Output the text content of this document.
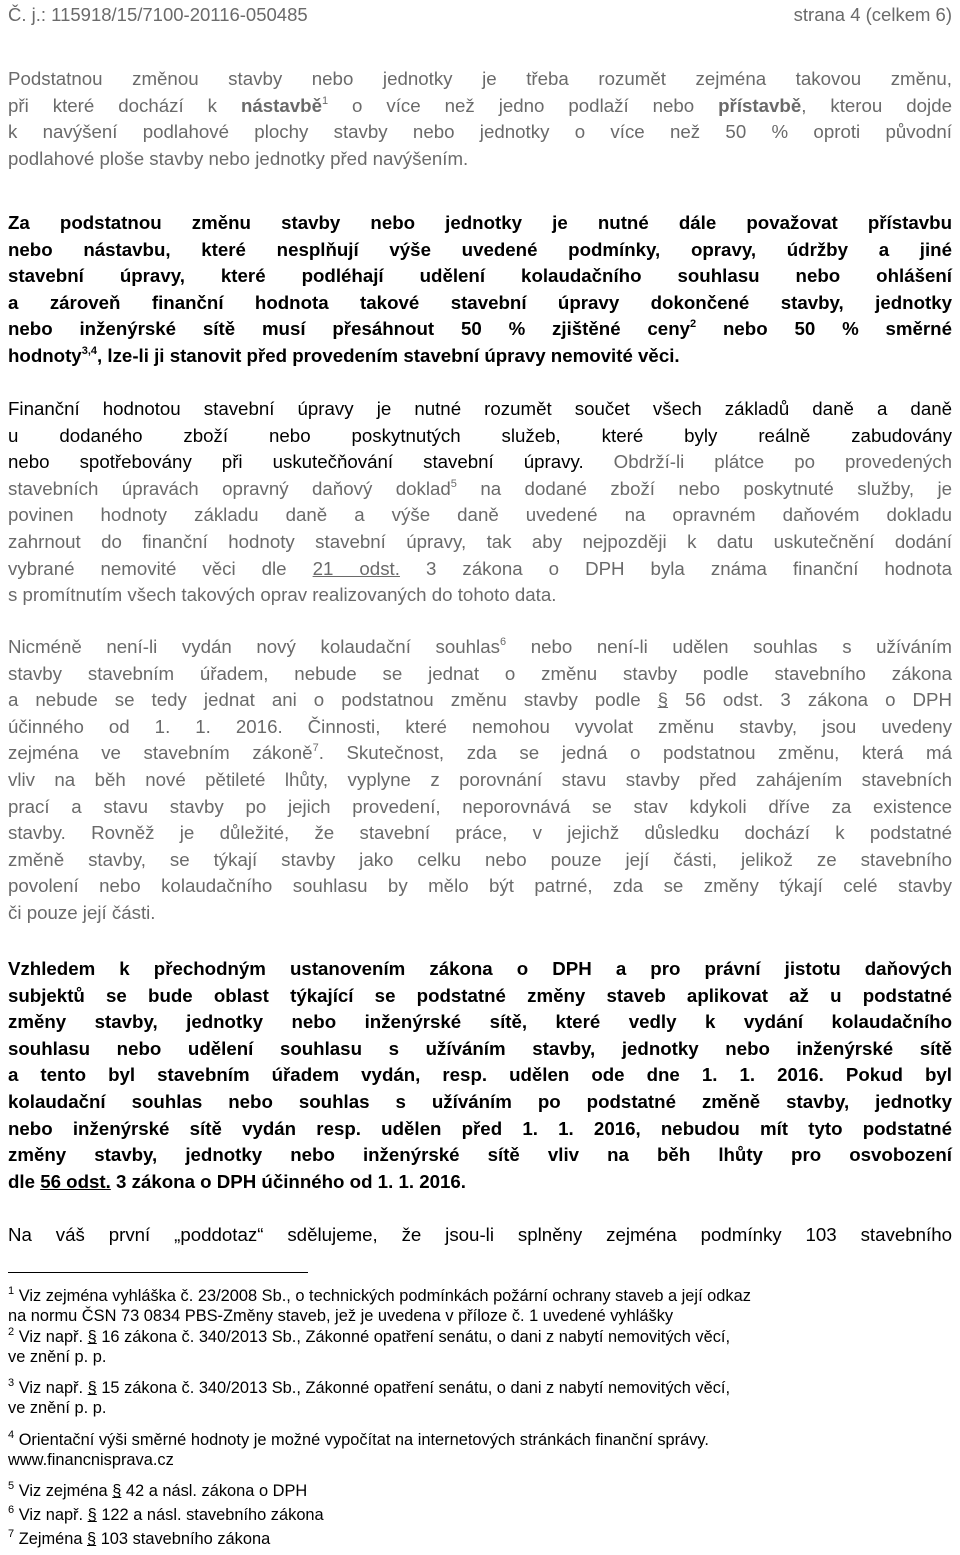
Č. j.: 115918/15/7100-20116-050485	strana 4 (celkem 6)
Podstatnou změnou stavby nebo jednotky je třeba rozumět zejména takovou změnu,
při které dochází k nástavbě$^1$ o více než jedno podlaží nebo přístavbě, kterou dojde
k navýšení podlahové plochy stavby nebo jednotky o více než 50 % oproti původní
podlahové ploše stavby nebo jednotky před navýšením.
Za podstatnou změnu stavby nebo jednotky je nutné dále považovat přístavbu
nebo nástavbu, které nesplňují výše uvedené podmínky, opravy, údržby a jiné
stavební úpravy, které podléhají udělení kolaudačního souhlasu nebo ohlášení
a zároveň finanční hodnota takové stavební úpravy dokončené stavby, jednotky
nebo inženýrské sítě musí přesáhnout 50 % zjištěné ceny$^2$ nebo 50 % směrné
hodnoty$^{3,4}$, lze-li ji stanovit před provedením stavební úpravy nemovité věci.
Finanční hodnotou stavební úpravy je nutné rozumět součet všech základů daně a daně
u dodaného zboží nebo poskytnutých služeb, které byly reálně zabudovány
nebo spotřebovány při uskutečňování stavební úpravy. Obdrží-li plátce po provedených
stavebních úpravách opravný daňový doklad$^5$ na dodané zboží nebo poskytnuté služby, je
povinen hodnoty základu daně a výše daně uvedené na opravném daňovém dokladu
zahrnout do finanční hodnoty stavební úpravy, tak aby nejpozději k datu uskutečnění dodání
vybrané nemovité věci dle 21 odst. 3 zákona o DPH byla známa finanční hodnota
s promítnutím všech takových oprav realizovaných do tohoto data.
Nicméně není-li vydán nový kolaudační souhlas$^6$ nebo není-li udělen souhlas s užíváním
stavby stavebním úřadem, nebude se jednat o změnu stavby podle stavebního zákona
a nebude se tedy jednat ani o podstatnou změnu stavby podle § 56 odst. 3 zákona o DPH
účinného od 1. 1. 2016. Činnosti, které nemohou vyvolat změnu stavby, jsou uvedeny
zejména ve stavebním zákoně$^7$. Skutečnost, zda se jedná o podstatnou změnu, která má
vliv na běh nové pětileté lhůty, vyplyne z porovnání stavu stavby před zahájením stavebních
prací a stavu stavby po jejich provedení, neporovnává se stav kdykoli dříve za existence
stavby. Rovněž je důležité, že stavební práce, v jejichž důsledku dochází k podstatné
změně stavby, se týkají stavby jako celku nebo pouze její části, jelikož ze stavebního
povolení nebo kolaudačního souhlasu by mělo být patrné, zda se změny týkají celé stavby
či pouze její části.
Vzhledem k přechodným ustanovením zákona o DPH a pro právní jistotu daňových
subjektů se bude oblast týkající se podstatné změny staveb aplikovat až u podstatné
změny stavby, jednotky nebo inženýrské sítě, které vedly k vydání kolaudačního
souhlasu nebo udělení souhlasu s užíváním stavby, jednotky nebo inženýrské sítě
a tento byl stavebním úřadem vydán, resp. udělen ode dne 1. 1. 2016. Pokud byl
kolaudační souhlas nebo souhlas s užíváním po podstatné změně stavby, jednotky
nebo inženýrské sítě vydán resp. udělen před 1. 1. 2016, nebudou mít tyto podstatné
změny stavby, jednotky nebo inženýrské sítě vliv na běh lhůty pro osvobození
dle 56 odst. 3 zákona o DPH účinného od 1. 1. 2016.
Na váš první „poddotaz“ sdělujeme, že jsou-li splněny zejména podmínky 103 stavebního
$^1$ Viz zejména vyhláška č. 23/2008 Sb., o technických podmínkách požární ochrany staveb a její odkaz
na normu ČSN 73 0834 PBS-Změny staveb, jež je uvedena v příloze č. 1 uvedené vyhlášky
$^2$ Viz např. § 16 zákona č. 340/2013 Sb., Zákonné opatření senátu, o dani z nabytí nemovitých věcí,
ve znění p. p.
$^3$ Viz např. § 15 zákona č. 340/2013 Sb., Zákonné opatření senátu, o dani z nabytí nemovitých věcí,
ve znění p. p.
$^4$ Orientační výši směrné hodnoty je možné vypočítat na internetových stránkách finanční správy.
www.financnisprava.cz
$^5$ Viz zejména § 42 a násl. zákona o DPH
$^6$ Viz např. § 122 a násl. stavebního zákona
$^7$ Zejména § 103 stavebního zákona
